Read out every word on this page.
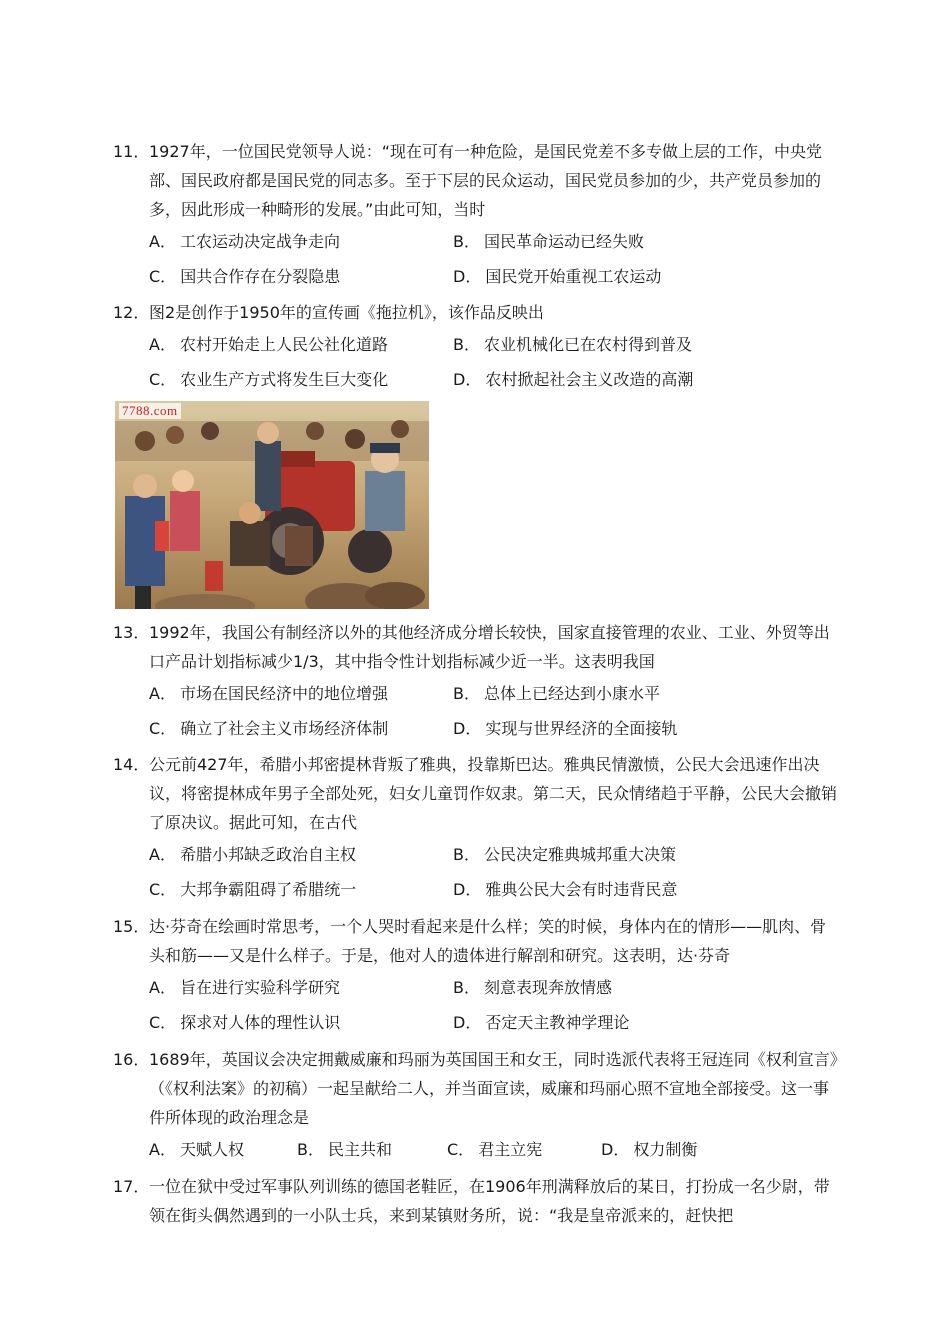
11．1927年，一位国民党领导人说：“现在可有一种危险，是国民党差不多专做上层的工作，中央党部、国民政府都是国民党的同志多。至于下层的民众运动，国民党员参加的少，共产党员参加的多，因此形成一种畸形的发展。”由此可知，当时

A． 工农运动决定战争走向	B． 国民革命运动已经失败
C． 国共合作存在分裂隐患	D． 国民党开始重视工农运动

12．图2是创作于1950年的宣传画《拖拉机》，该作品反映出

A． 农村开始走上人民公社化道路	B． 农业机械化已在农村得到普及
C． 农业生产方式将发生巨大变化	D． 农村掀起社会主义改造的高潮
7788.com

13．1992年，我国公有制经济以外的其他经济成分增长较快，国家直接管理的农业、工业、外贸等出口产品计划指标减少1/3，其中指令性计划指标减少近一半。这表明我国

A． 市场在国民经济中的地位增强	B． 总体上已经达到小康水平
C． 确立了社会主义市场经济体制	D． 实现与世界经济的全面接轨

14．公元前427年，希腊小邦密提林背叛了雅典，投靠斯巴达。雅典民情激愤，公民大会迅速作出决议，将密提林成年男子全部处死，妇女儿童罚作奴隶。第二天，民众情绪趋于平静，公民大会撤销了原决议。据此可知，在古代

A． 希腊小邦缺乏政治自主权	B． 公民决定雅典城邦重大决策
C． 大邦争霸阻碍了希腊统一	D． 雅典公民大会有时违背民意

15．达·芬奇在绘画时常思考，一个人哭时看起来是什么样；笑的时候，身体内在的情形——肌肉、骨头和筋——又是什么样子。于是，他对人的遗体进行解剖和研究。这表明，达·芬奇

A． 旨在进行实验科学研究	B． 刻意表现奔放情感
C． 探求对人体的理性认识	D． 否定天主教神学理论

16．1689年，英国议会决定拥戴威廉和玛丽为英国国王和女王，同时选派代表将王冠连同《权利宣言》（《权利法案》的初稿）一起呈献给二人，并当面宣读，威廉和玛丽心照不宣地全部接受。这一事件所体现的政治理念是

A． 天赋人权	B． 民主共和	C． 君主立宪	D． 权力制衡

17．一位在狱中受过军事队列训练的德国老鞋匠，在1906年刑满释放后的某日，打扮成一名少尉，带领在街头偶然遇到的一小队士兵，来到某镇财务所，说：“我是皇帝派来的，赶快把
